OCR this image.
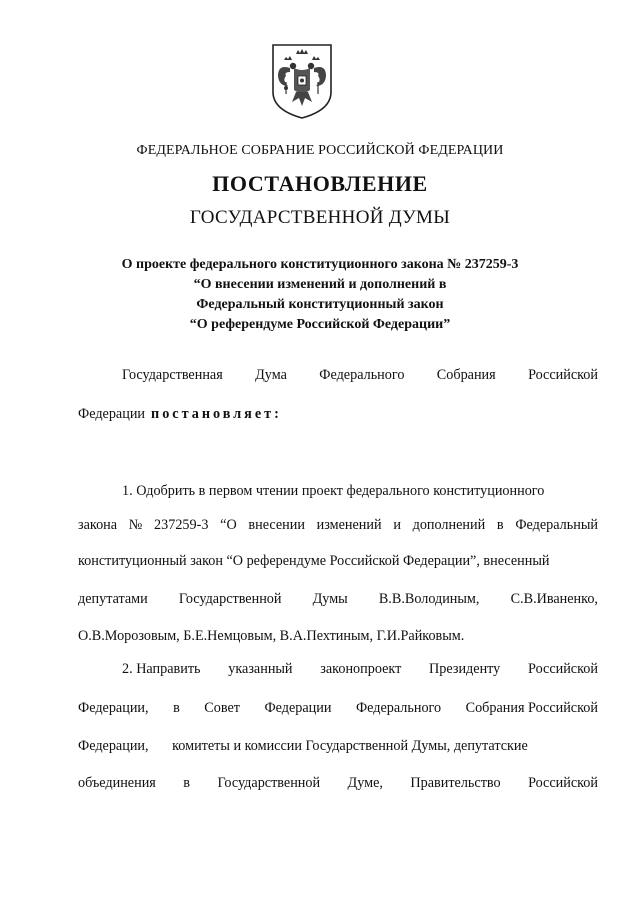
ФЕДЕРАЛЬНОЕ СОБРАНИЕ РОССИЙСКОЙ ФЕДЕРАЦИИ
ПОСТАНОВЛЕНИЕ
ГОСУДАРСТВЕННОЙ ДУМЫ
О проекте федерального конституционного закона № 237259-3
“О внесении изменений и дополнений в
Федеральный конституционный закон
“О референдуме Российской Федерации”
Государственная Дума Федерального Собрания Российской
Федерации постановляет:
1. Одобрить в первом чтении проект федерального конституционного
закона № 237259-3 “О внесении изменений и дополнений в Федеральный
конституционный закон “О референдуме Российской Федерации”, внесенный
депутатами Государственной Думы В.В.Володиным, С.В.Иваненко,
О.В.Морозовым, Б.Е.Немцовым, В.А.Пехтиным, Г.И.Райковым.
2. Направить указанный законопроект Президенту Российской
Федерации, в Совет Федерации Федерального Собрания Российской
Федерации, комитеты и комиссии Государственной Думы, депутатские
объединения в Государственной Думе, Правительство Российской
